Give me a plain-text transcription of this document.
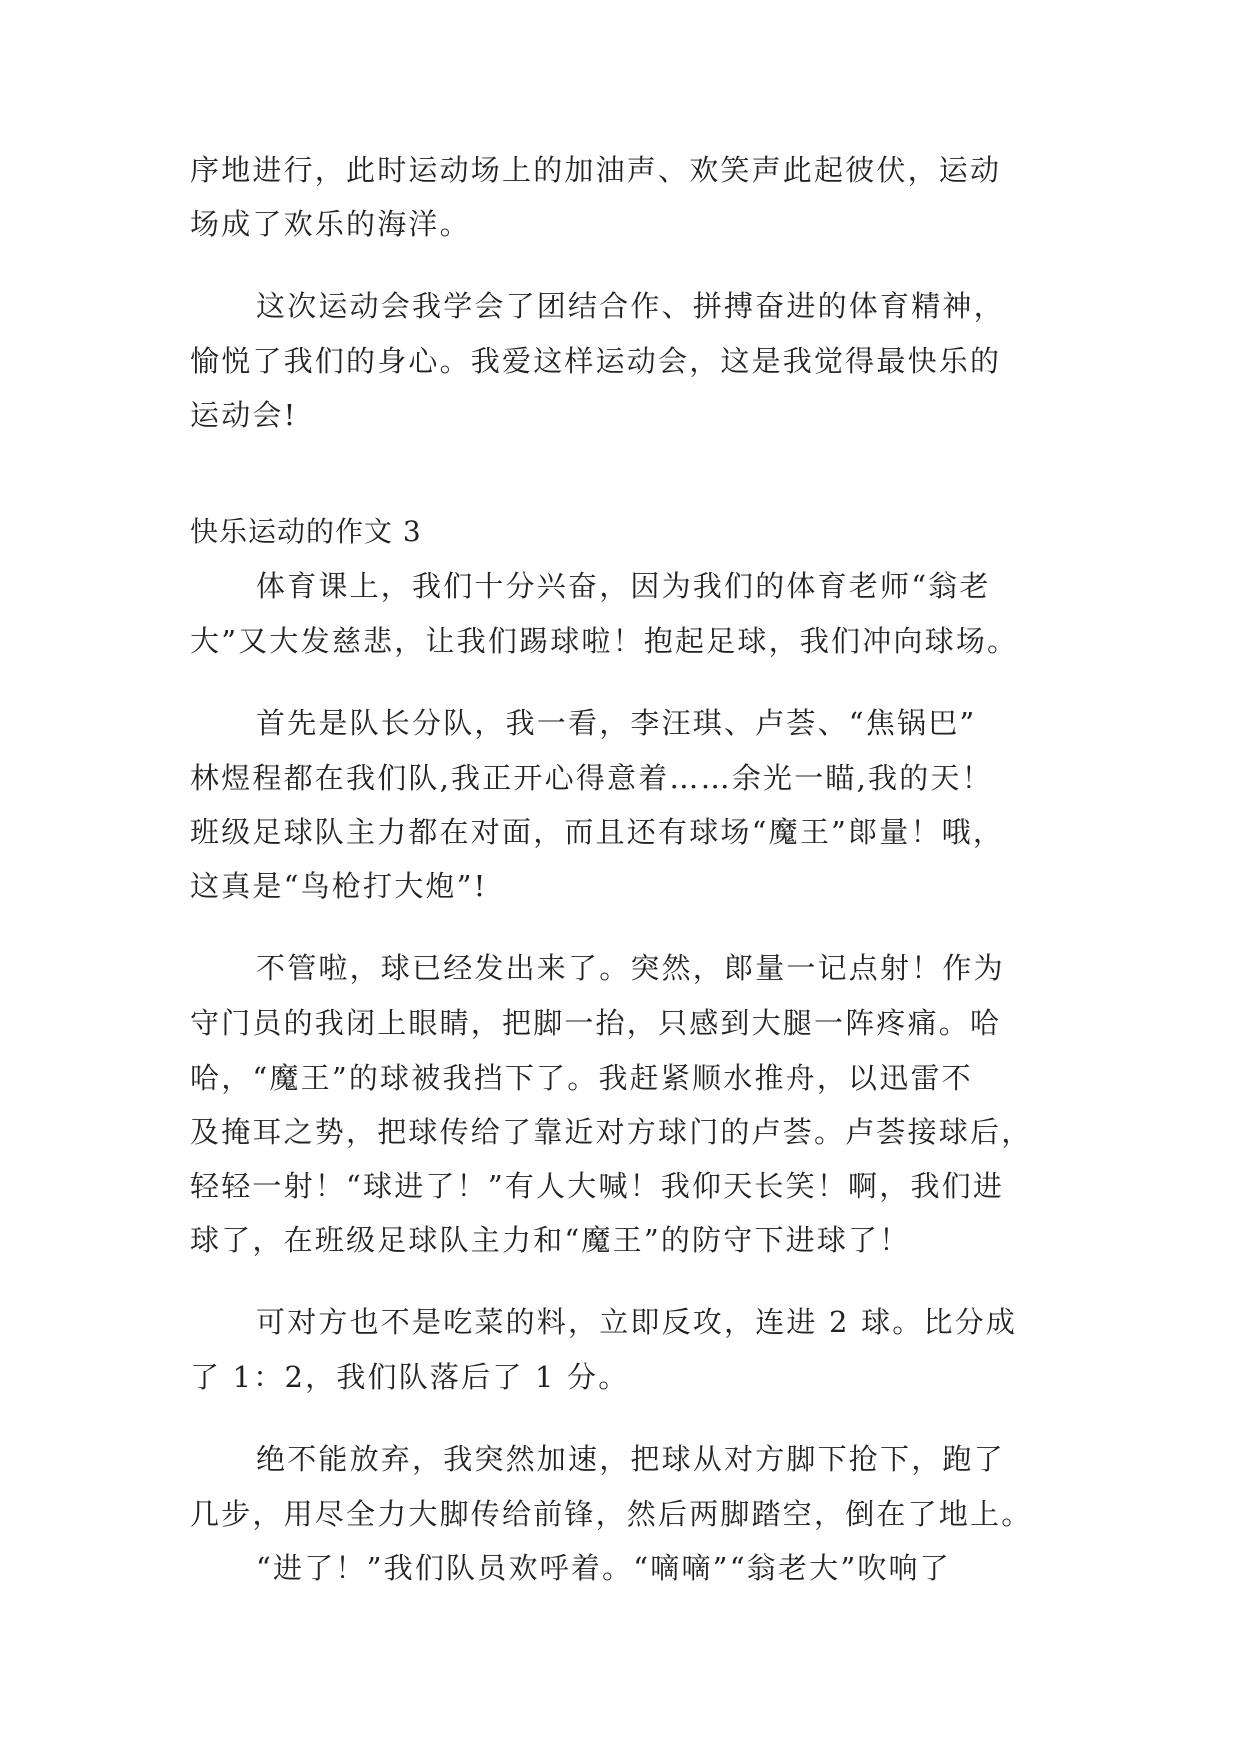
序地进行，此时运动场上的加油声、欢笑声此起彼伏，运动
场成了欢乐的海洋。
这次运动会我学会了团结合作、拼搏奋进的体育精神，
愉悦了我们的身心。我爱这样运动会，这是我觉得最快乐的
运动会!
快乐运动的作文 3
体育课上，我们十分兴奋，因为我们的体育老师“翁老
大”又大发慈悲，让我们踢球啦！抱起足球，我们冲向球场。
首先是队长分队，我一看，李汪琪、卢荟、“焦锅巴”
林煜程都在我们队,我正开心得意着……余光一瞄,我的天！
班级足球队主力都在对面，而且还有球场“魔王”郞量！哦，
这真是“鸟枪打大炮”!
不管啦，球已经发出来了。突然，郞量一记点射！作为
守门员的我闭上眼睛，把脚一抬，只感到大腿一阵疼痛。哈
哈，“魔王”的球被我挡下了。我赶紧顺水推舟，以迅雷不
及掩耳之势，把球传给了靠近对方球门的卢荟。卢荟接球后，
轻轻一射！“球进了！”有人大喊！我仰天长笑！啊，我们进
球了，在班级足球队主力和“魔王”的防守下进球了！
可对方也不是吃菜的料，立即反攻，连进 2 球。比分成
了 1：2，我们队落后了 1 分。
绝不能放弃，我突然加速，把球从对方脚下抢下，跑了
几步，用尽全力大脚传给前锋，然后两脚踏空，倒在了地上。
“进了！”我们队员欢呼着。“嘀嘀”“翁老大”吹响了
